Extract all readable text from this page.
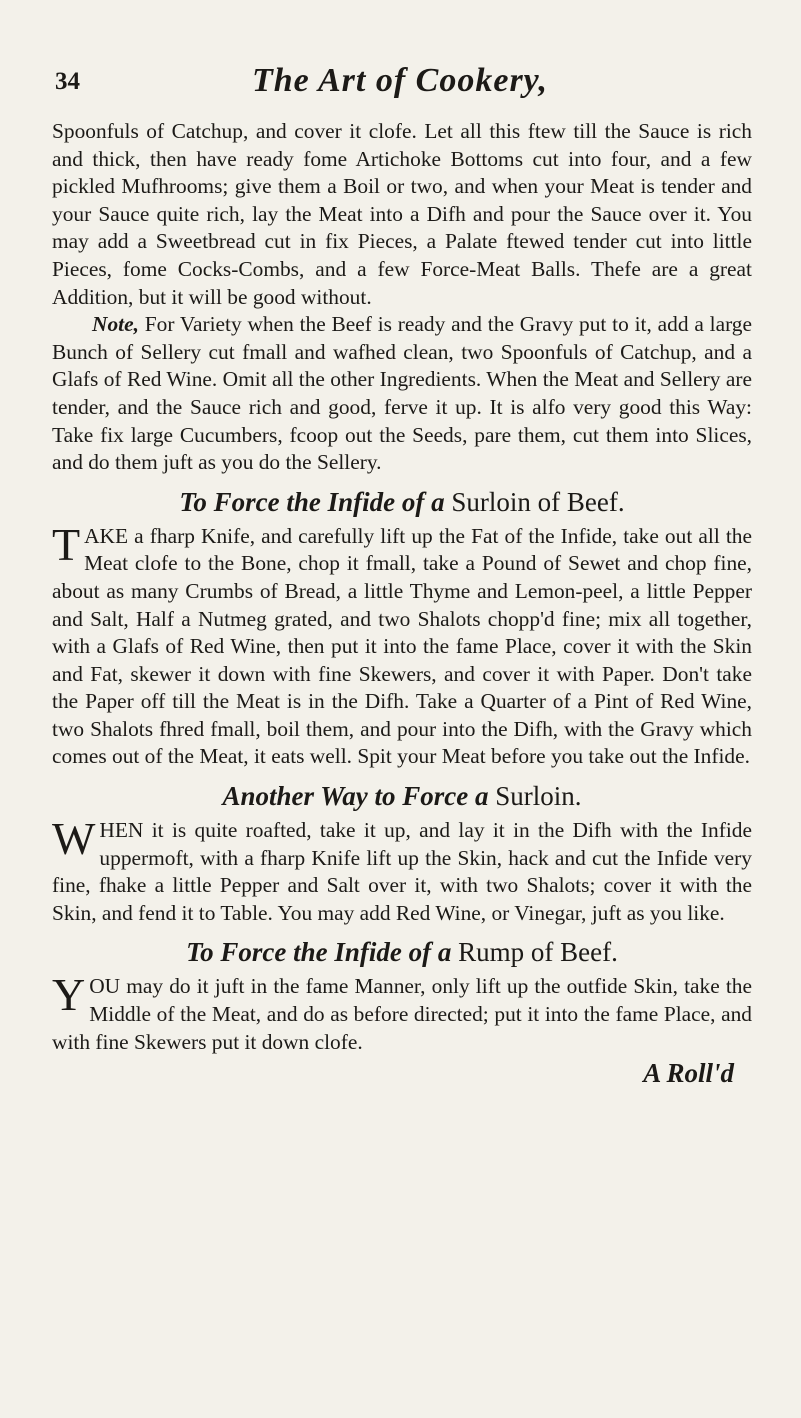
34	The Art of Cookery,

Spoonfuls of Catchup, and cover it clofe. Let all this ftew till the Sauce is rich and thick, then have ready fome Artichoke Bottoms cut into four, and a few pickled Mufhrooms; give them a Boil or two, and when your Meat is tender and your Sauce quite rich, lay the Meat into a Difh and pour the Sauce over it. You may add a Sweetbread cut in fix Pieces, a Palate ftewed tender cut into little Pieces, fome Cocks-Combs, and a few Force-Meat Balls. Thefe are a great Addition, but it will be good without.

Note, For Variety when the Beef is ready and the Gravy put to it, add a large Bunch of Sellery cut fmall and wafhed clean, two Spoonfuls of Catchup, and a Glafs of Red Wine. Omit all the other Ingredients. When the Meat and Sellery are tender, and the Sauce rich and good, ferve it up. It is alfo very good this Way: Take fix large Cucumbers, fcoop out the Seeds, pare them, cut them into Slices, and do them juft as you do the Sellery.

To Force the Infide of a Surloin of Beef.

TAKE a fharp Knife, and carefully lift up the Fat of the Infide, take out all the Meat clofe to the Bone, chop it fmall, take a Pound of Sewet and chop fine, about as many Crumbs of Bread, a little Thyme and Lemon-peel, a little Pepper and Salt, Half a Nutmeg grated, and two Shalots chopp'd fine; mix all together, with a Glafs of Red Wine, then put it into the fame Place, cover it with the Skin and Fat, skewer it down with fine Skewers, and cover it with Paper. Don't take the Paper off till the Meat is in the Difh. Take a Quarter of a Pint of Red Wine, two Shalots fhred fmall, boil them, and pour into the Difh, with the Gravy which comes out of the Meat, it eats well. Spit your Meat before you take out the Infide.

Another Way to Force a Surloin.

WHEN it is quite roafted, take it up, and lay it in the Difh with the Infide uppermoft, with a fharp Knife lift up the Skin, hack and cut the Infide very fine, fhake a little Pepper and Salt over it, with two Shalots; cover it with the Skin, and fend it to Table. You may add Red Wine, or Vinegar, juft as you like.

To Force the Infide of a Rump of Beef.

YOU may do it juft in the fame Manner, only lift up the outfide Skin, take the Middle of the Meat, and do as before directed; put it into the fame Place, and with fine Skewers put it down clofe.

A Roll'd
